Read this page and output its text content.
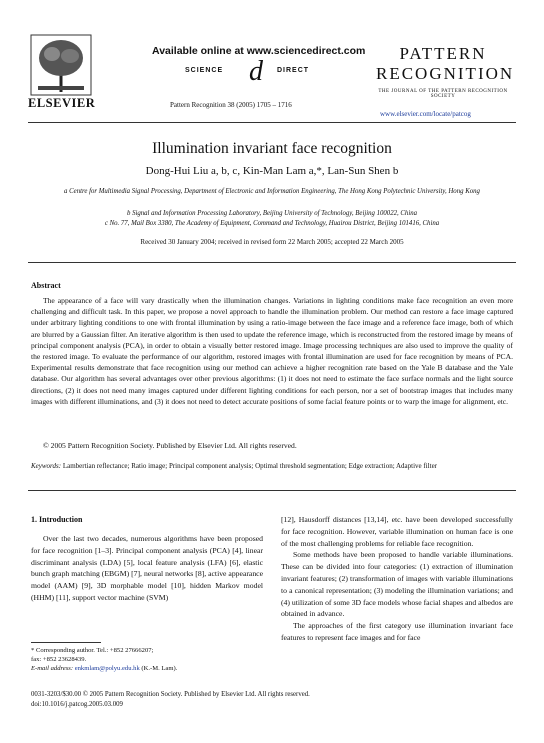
ELSEVIER
Available online at www.sciencedirect.com
SCIENCE d DIRECT
Pattern Recognition 38 (2005) 1705 – 1716
PATTERN
RECOGNITION
THE JOURNAL OF THE PATTERN RECOGNITION SOCIETY
www.elsevier.com/locate/patcog
Illumination invariant face recognition
Dong-Hui Liu a, b, c, Kin-Man Lam a,*, Lan-Sun Shen b
a Centre for Multimedia Signal Processing, Department of Electronic and Information Engineering, The Hong Kong Polytechnic University, Hong Kong
b Signal and Information Processing Laboratory, Beijing University of Technology, Beijing 100022, China
c No. 77, Mail Box 3380, The Academy of Equipment, Command and Technology, Huairou District, Beijing 101416, China
Received 30 January 2004; received in revised form 22 March 2005; accepted 22 March 2005
Abstract

The appearance of a face will vary drastically when the illumination changes. Variations in lighting conditions make face recognition an even more challenging and difficult task. In this paper, we propose a novel approach to handle the illumination problem. Our method can restore a face image captured under arbitrary lighting conditions to one with frontal illumination by using a ratio-image between the face image and a reference face image, both of which are blurred by a Gaussian filter. An iterative algorithm is then used to update the reference image, which is reconstructed from the restored image by means of principal component analysis (PCA), in order to obtain a visually better restored image. Image processing techniques are also used to improve the quality of the restored image. To evaluate the performance of our algorithm, restored images with frontal illumination are used for face recognition by means of PCA. Experimental results demonstrate that face recognition using our method can achieve a higher recognition rate based on the Yale B database and the Yale database. Our algorithm has several advantages over other previous algorithms: (1) it does not need to estimate the face surface normals and the light source directions, (2) it does not need many images captured under different lighting conditions for each person, nor a set of bootstrap images that includes many images with different illuminations, and (3) it does not need to detect accurate positions of some facial feature points or to warp the image for alignment, etc.

© 2005 Pattern Recognition Society. Published by Elsevier Ltd. All rights reserved.
Keywords: Lambertian reflectance; Ratio image; Principal component analysis; Optimal threshold segmentation; Edge extraction; Adaptive filter
1. Introduction

Over the last two decades, numerous algorithms have been proposed for face recognition [1–3]. Principal component analysis (PCA) [4], linear discriminant analysis (LDA) [5], local feature analysis (LFA) [6], elastic bunch graph matching (EBGM) [7], neural networks [8], active appearance model (AAM) [9], 3D morphable model [10], hidden Markov model (HHM) [11], support vector machine (SVM)

[12], Hausdorff distances [13,14], etc. have been developed successfully for face recognition. However, variable illumination on human face is one of the most challenging problems for reliable face recognition.

Some methods have been proposed to handle variable illuminations. These can be divided into four categories: (1) extraction of illumination invariant features; (2) transformation of images with variable illuminations to a canonical representation; (3) modeling the illumination variations; and (4) utilization of some 3D face models whose facial shapes and albedos are obtained in advance.

The approaches of the first category use illumination invariant face features to represent face images and for face

* Corresponding author. Tel.: +852 27666207;
fax: +852 23628439.
E-mail address: enkmlam@polyu.edu.hk (K.-M. Lam).
0031-3203/$30.00 © 2005 Pattern Recognition Society. Published by Elsevier Ltd. All rights reserved.
doi:10.1016/j.patcog.2005.03.009
